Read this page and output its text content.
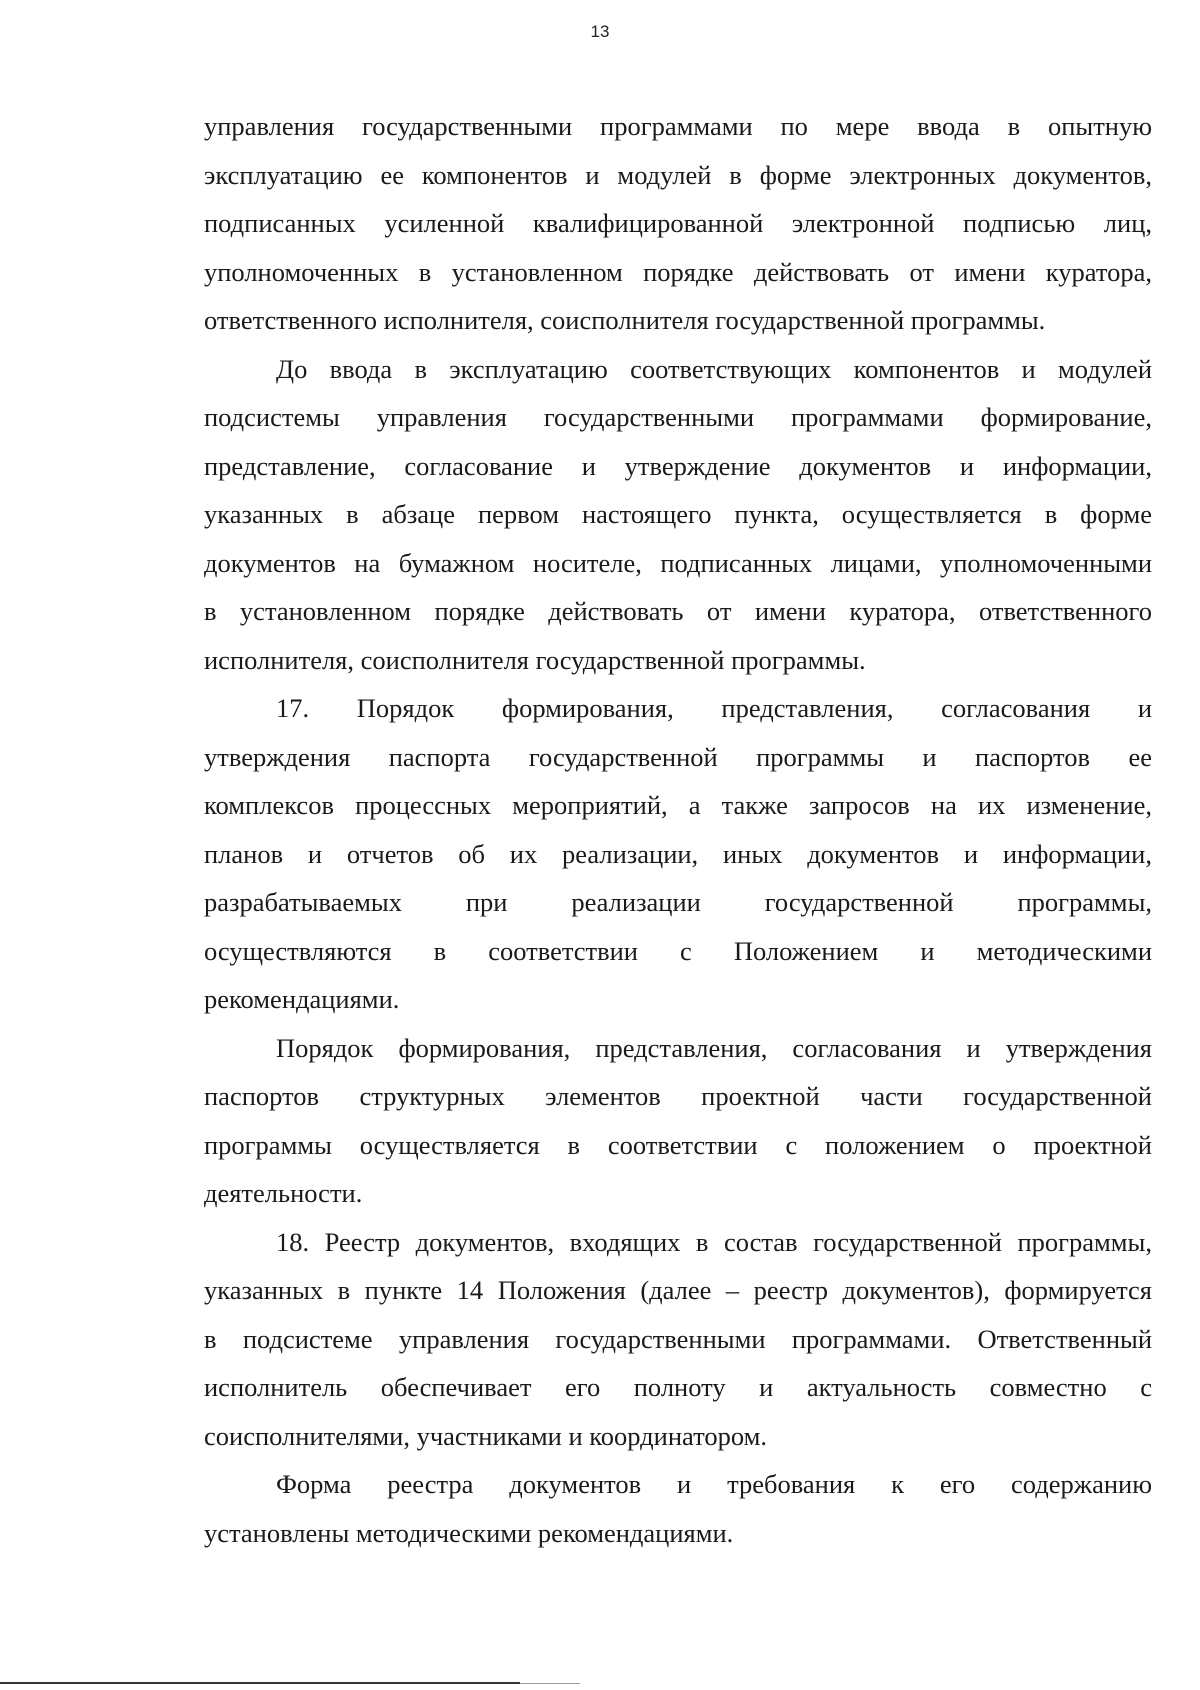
13

управления государственными программами по мере ввода в опытную
эксплуатацию ее компонентов и модулей в форме электронных документов,
подписанных усиленной квалифицированной электронной подписью лиц,
уполномоченных в установленном порядке действовать от имени куратора,
ответственного исполнителя, соисполнителя государственной программы.

До ввода в эксплуатацию соответствующих компонентов и модулей
подсистемы управления государственными программами формирование,
представление, согласование и утверждение документов и информации,
указанных в абзаце первом настоящего пункта, осуществляется в форме
документов на бумажном носителе, подписанных лицами, уполномоченными
в установленном порядке действовать от имени куратора, ответственного
исполнителя, соисполнителя государственной программы.

17. Порядок формирования, представления, согласования и
утверждения паспорта государственной программы и паспортов ее
комплексов процессных мероприятий, а также запросов на их изменение,
планов и отчетов об их реализации, иных документов и информации,
разрабатываемых при реализации государственной программы,
осуществляются в соответствии с Положением и методическими
рекомендациями.

Порядок формирования, представления, согласования и утверждения
паспортов структурных элементов проектной части государственной
программы осуществляется в соответствии с положением о проектной
деятельности.

18. Реестр документов, входящих в состав государственной программы,
указанных в пункте 14 Положения (далее – реестр документов), формируется
в подсистеме управления государственными программами. Ответственный
исполнитель обеспечивает его полноту и актуальность совместно с
соисполнителями, участниками и координатором.

Форма реестра документов и требования к его содержанию
установлены методическими рекомендациями.
